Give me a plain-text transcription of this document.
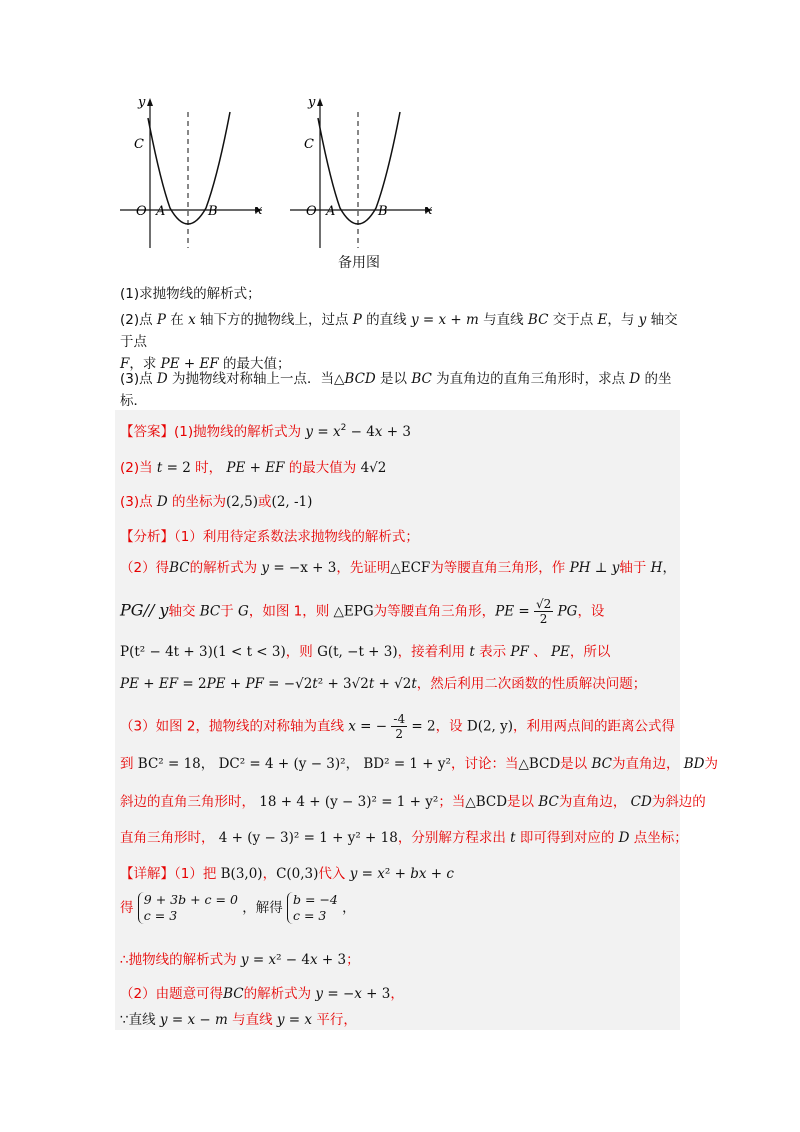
y
x
C
O A	B
y
x
C
O A	B
备用图
(1)求抛物线的解析式；
(2)点 P 在 x 轴下方的抛物线上，过点 P 的直线 y = x + m 与直线 BC 交于点 E，与 y 轴交于点
F，求 PE + EF 的最大值；
(3)点 D 为抛物线对称轴上一点．当△BCD 是以 BC 为直角边的直角三角形时，求点 D 的坐
标．
【答案】(1)抛物线的解析式为 $y = x^2 - 4x + 3$
(2)当 t = 2 时， PE + EF 的最大值为 4√2
(3)点 D 的坐标为(2,5)或(2, -1)
【分析】（1）利用待定系数法求抛物线的解析式；
（2）得BC的解析式为 y = −x + 3，先证明△ECF为等腰直角三角形，作 PH ⊥ y轴于 H，
PG// y轴交 BC于 G，如图 1，则 △EPG为等腰直角三角形，PE = $\frac{√2}{2}$ PG，设
P(t² − 4t + 3)(1 < t < 3)，则 G(t, −t + 3)，接着利用 t 表示 PF 、 PE，所以
PE + EF = 2PE + PF = −√2t² + 3√2t + √2t，然后利用二次函数的性质解决问题；
（3）如图 2，抛物线的对称轴为直线 x = − $\frac{-4}{2} = 2$，设 D(2, y)，利用两点间的距离公式得
到 BC² = 18， DC² = 4 + (y − 3)²， BD² = 1 + y²，讨论：当△BCD是以 BC为直角边， BD为
斜边的直角三角形时， 18 + 4 + (y − 3)² = 1 + y²；当△BCD是以 BC为直角边， CD为斜边的
直角三角形时， 4 + (y − 3)² = 1 + y² + 18，分别解方程求出 t 即可得到对应的 D 点坐标；
【详解】（1）把 B(3,0)，C(0,3)代入 y = x² + bx + c
得 9 + 3b + c = 0
c = 3	，解得 b = −4
c = 3 ，
∴抛物线的解析式为 y = x² − 4x + 3；
（2）由题意可得BC的解析式为 y = −x + 3，
∵直线 y = x − m 与直线 y = x 平行，
